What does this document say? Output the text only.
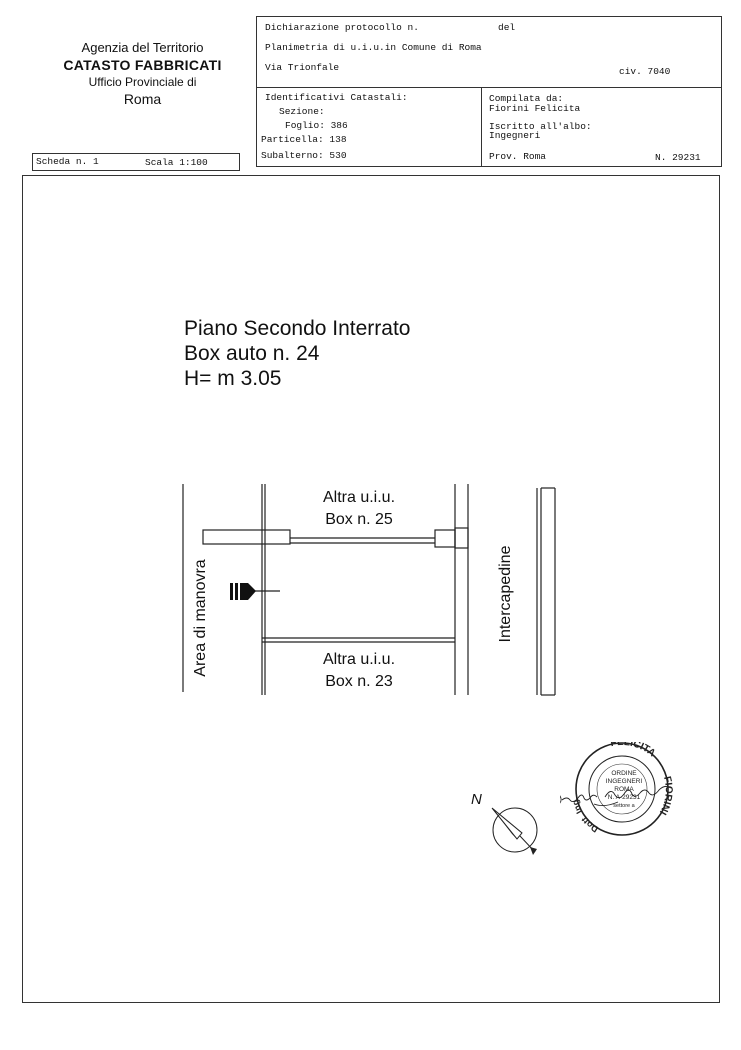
Agenzia del Territorio
CATASTO FABBRICATI
Ufficio Provinciale di
Roma
Dichiarazione protocollo n.	del
Planimetria di u.i.u.in Comune di Roma
Via Trionfale	civ. 7040
Identificativi Catastali:
Sezione:
Foglio: 386
Particella: 138
Subalterno: 530
Compilata da:
Fiorini Felicita
Iscritto all'albo:
Ingegneri
Prov. Roma	N. 29231
Scheda n. 1	Scala 1:100
Piano Secondo Interrato
Box auto n. 24
H= m 3.05
Altra u.i.u.
Box n. 25
Altra u.i.u.
Box n. 23
Area di manovra	Intercapedine
N
FELICITA
FIORINI
Dott. Ing.
ORDINE
INGEGNERI
ROMA
N. A-29231
settore a
